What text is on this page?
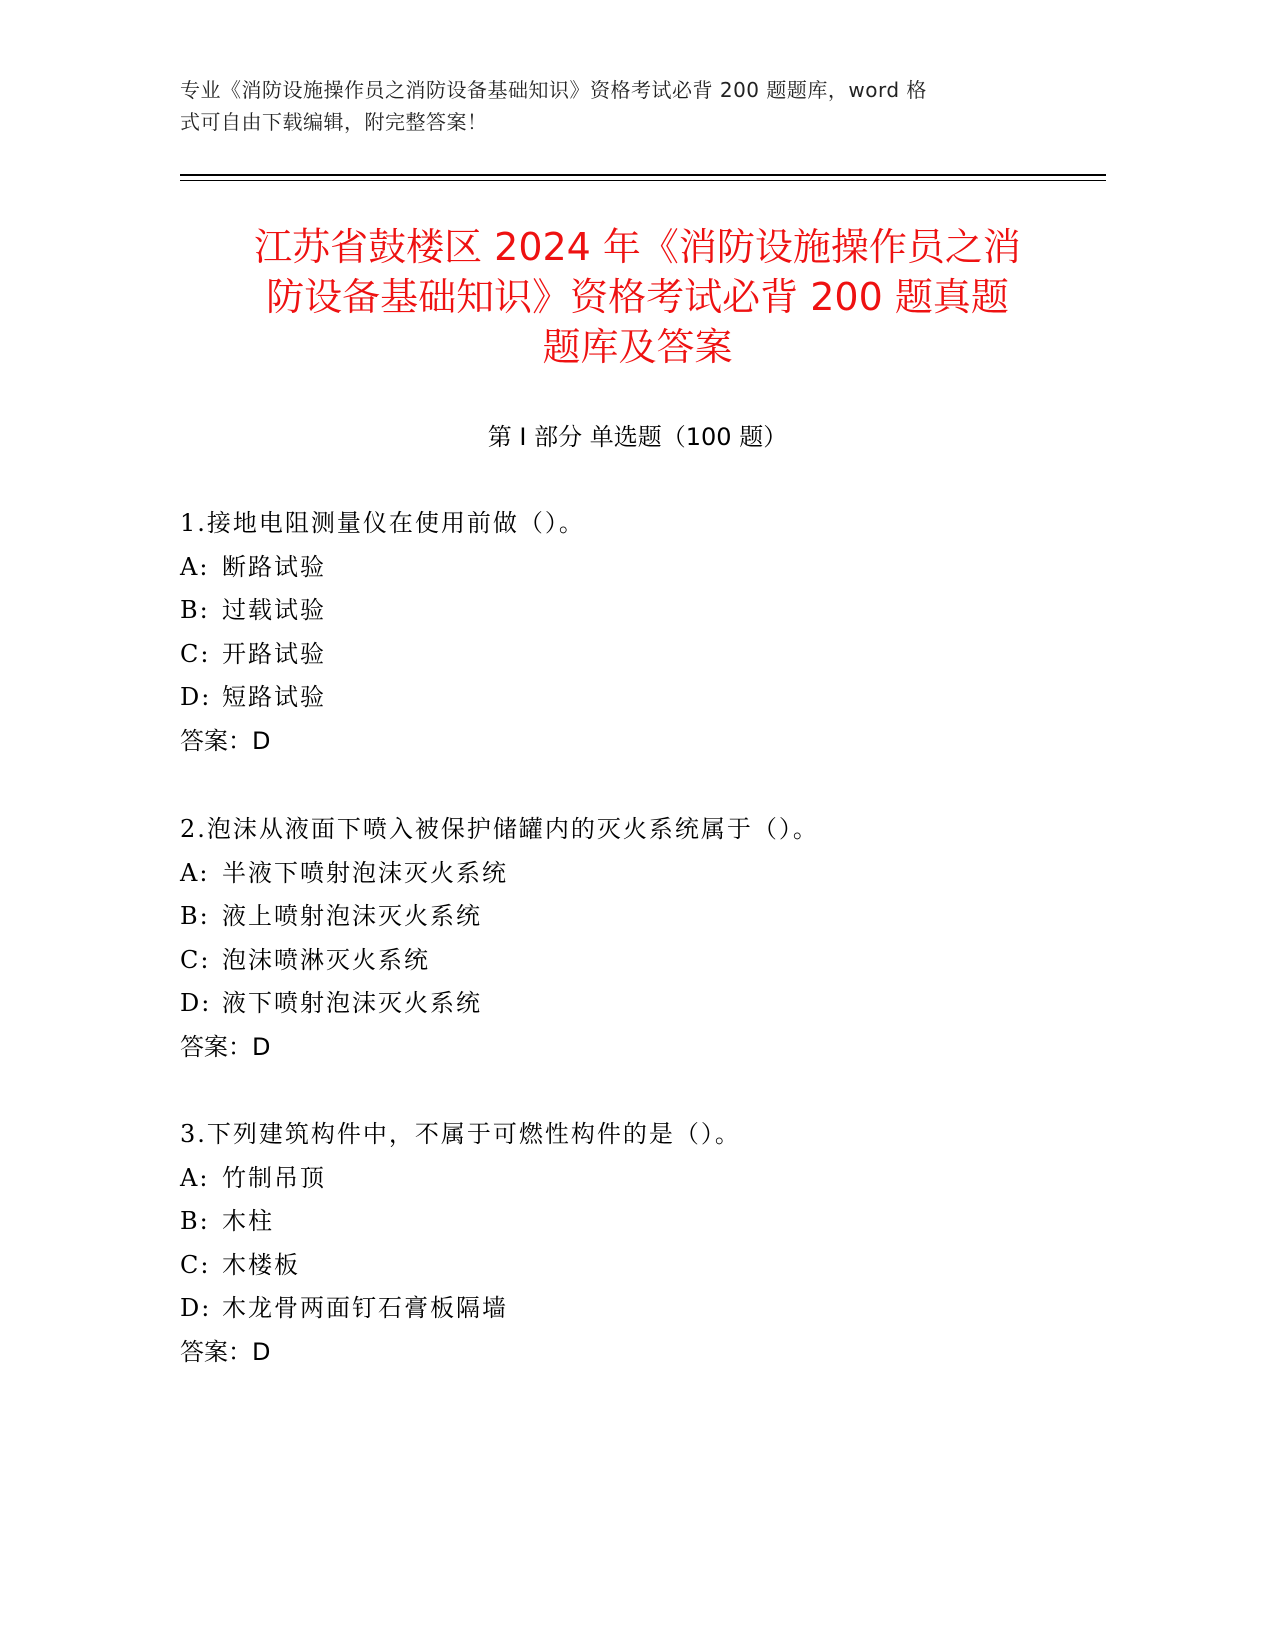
专业《消防设施操作员之消防设备基础知识》资格考试必背 200 题题库，word 格
式可自由下载编辑，附完整答案！
江苏省鼓楼区 2024 年《消防设施操作员之消
防设备基础知识》资格考试必背 200 题真题
题库及答案
第 I 部分 单选题（100 题）
1.接地电阻测量仪在使用前做（）。
A: 断路试验
B: 过载试验
C: 开路试验
D: 短路试验
答案：D
2.泡沫从液面下喷入被保护储罐内的灭火系统属于（）。
A: 半液下喷射泡沫灭火系统
B: 液上喷射泡沫灭火系统
C: 泡沫喷淋灭火系统
D: 液下喷射泡沫灭火系统
答案：D
3.下列建筑构件中，不属于可燃性构件的是（）。
A: 竹制吊顶
B: 木柱
C: 木楼板
D: 木龙骨两面钉石膏板隔墙
答案：D
